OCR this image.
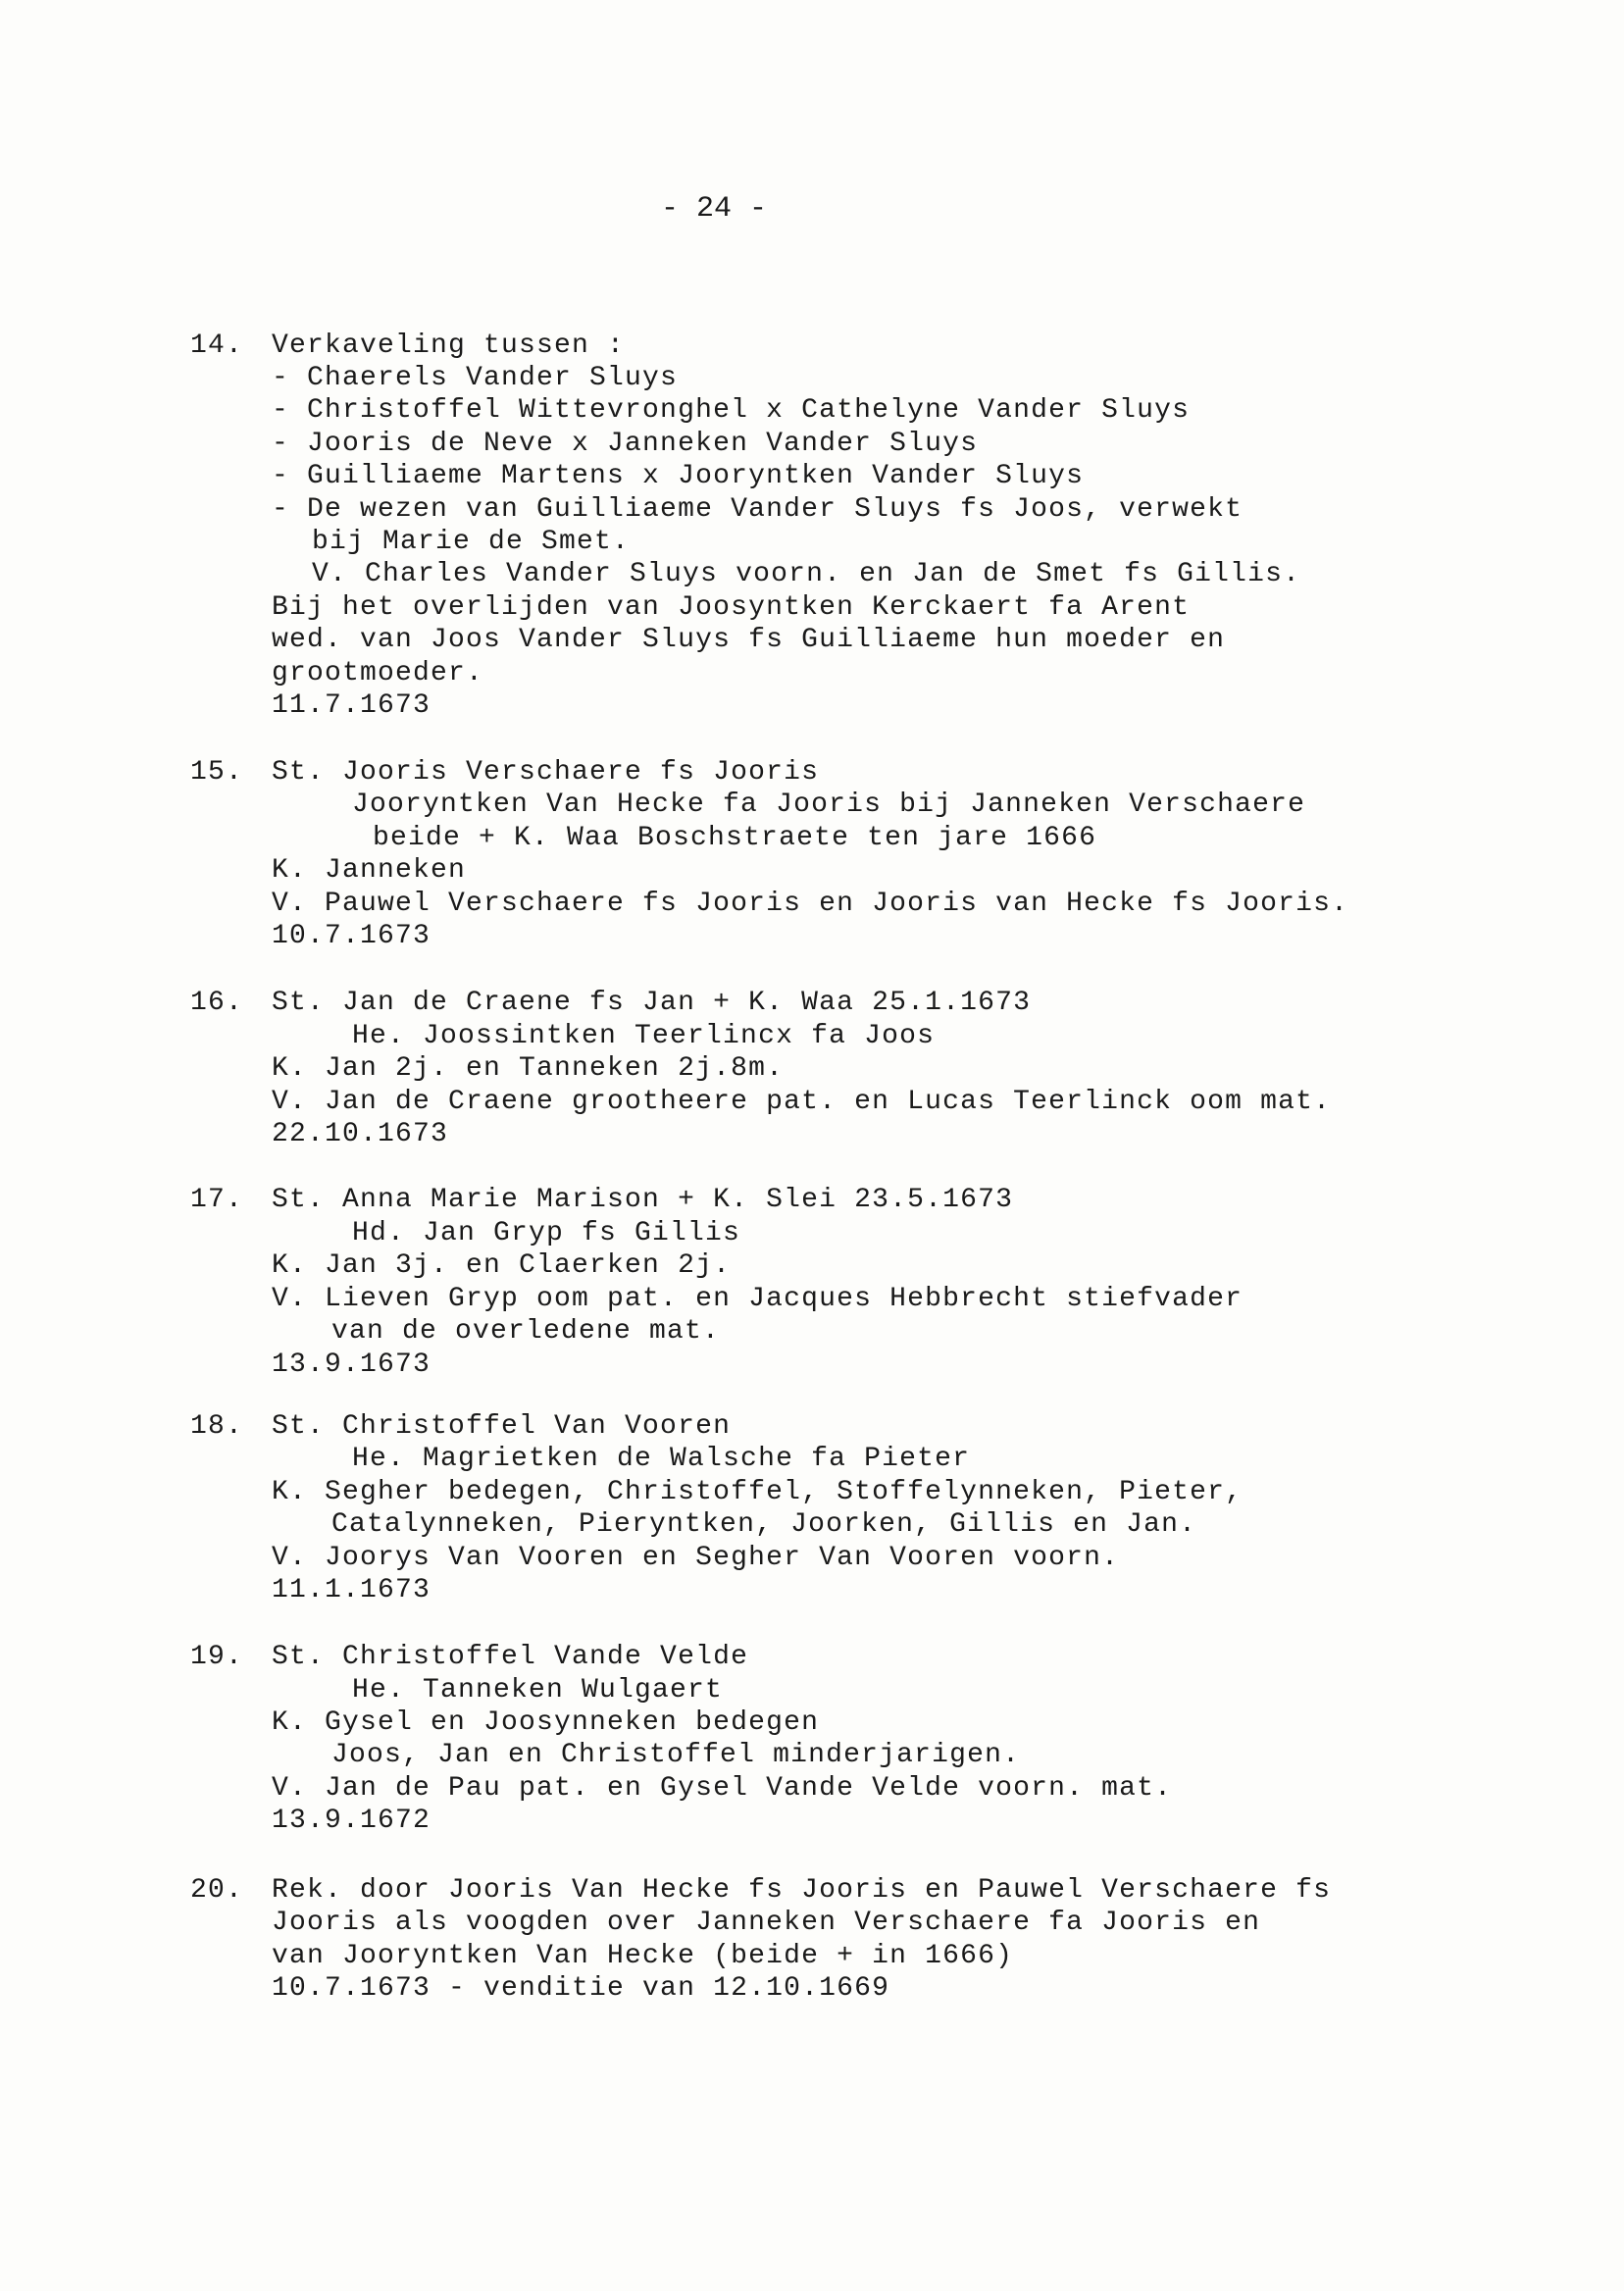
- 24 -
14. Verkaveling tussen :
- Chaerels Vander Sluys
- Christoffel Wittevronghel x Cathelyne Vander Sluys
- Jooris de Neve x Janneken Vander Sluys
- Guilliaeme Martens x Jooryntken Vander Sluys
- De wezen van Guilliaeme Vander Sluys fs Joos, verwekt
bij Marie de Smet.
V. Charles Vander Sluys voorn. en Jan de Smet fs Gillis.
Bij het overlijden van Joosyntken Kerckaert fa Arent
wed. van Joos Vander Sluys fs Guilliaeme hun moeder en
grootmoeder.
11.7.1673
15. St. Jooris Verschaere fs Jooris
Jooryntken Van Hecke fa Jooris bij Janneken Verschaere
beide + K. Waa Boschstraete ten jare 1666
K. Janneken
V. Pauwel Verschaere fs Jooris en Jooris van Hecke fs Jooris.
10.7.1673
16. St. Jan de Craene fs Jan + K. Waa 25.1.1673
He. Joossintken Teerlincx fa Joos
K. Jan 2j. en Tanneken 2j.8m.
V. Jan de Craene grootheere pat. en Lucas Teerlinck oom mat.
22.10.1673
17. St. Anna Marie Marison + K. Slei 23.5.1673
Hd. Jan Gryp fs Gillis
K. Jan 3j. en Claerken 2j.
V. Lieven Gryp oom pat. en Jacques Hebbrecht stiefvader
van de overledene mat.
13.9.1673
18. St. Christoffel Van Vooren
He. Magrietken de Walsche fa Pieter
K. Segher bedegen, Christoffel, Stoffelynneken, Pieter,
Catalynneken, Pieryntken, Joorken, Gillis en Jan.
V. Joorys Van Vooren en Segher Van Vooren voorn.
11.1.1673
19. St. Christoffel Vande Velde
He. Tanneken Wulgaert
K. Gysel en Joosynneken bedegen
Joos, Jan en Christoffel minderjarigen.
V. Jan de Pau pat. en Gysel Vande Velde voorn. mat.
13.9.1672
20. Rek. door Jooris Van Hecke fs Jooris en Pauwel Verschaere fs
Jooris als voogden over Janneken Verschaere fa Jooris en
van Jooryntken Van Hecke (beide + in 1666)
10.7.1673 - venditie van 12.10.1669
